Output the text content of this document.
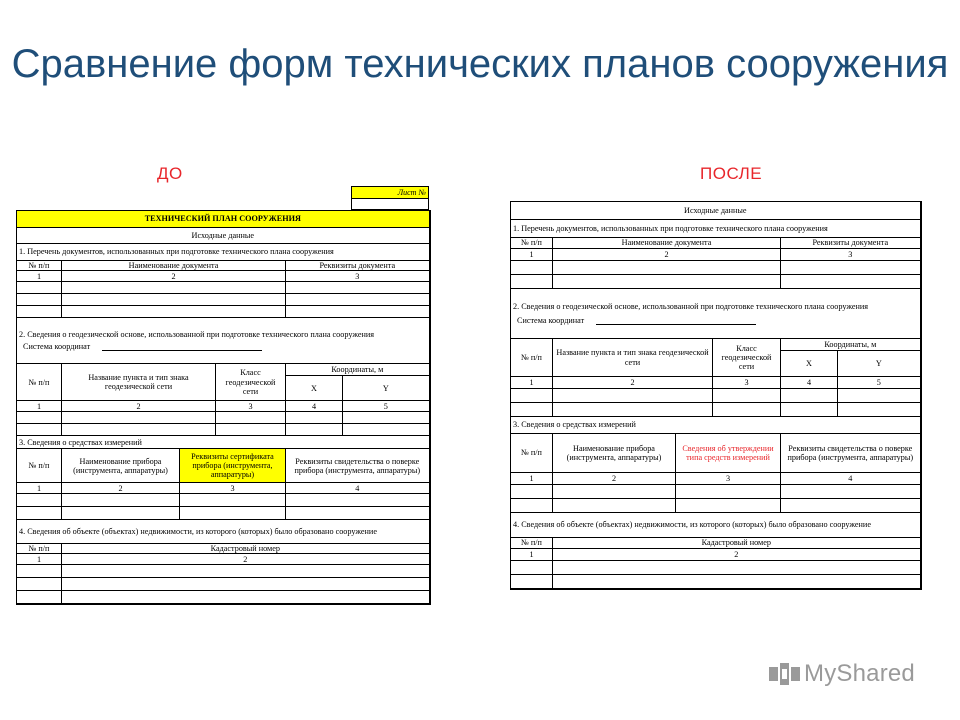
Сравнение форм технических планов сооружения
ДО	ПОСЛЕ
Лист №

ТЕХНИЧЕСКИЙ ПЛАН СООРУЖЕНИЯ					
Исходные данные					
1. Перечень документов, использованных при подготовке технического плана сооружения					
№ п/п	Наименование документа			Реквизиты документа	
1	2			3	

2. Сведения о геодезической основе, использованной при подготовке технического плана сооружения
Система координат					

№ п/п	Название пункта и тип знака геодезической сети		Класс геодезической сети	Координаты, м	
				X	Y
1	2		3	4	5

3. Сведения о средствах измерений					
№ п/п	Наименование прибора (инструмента, аппаратуры)	Реквизиты сертификата прибора (инструмента, аппаратуры)		Реквизиты свидетельства о поверке прибора (инструмента, аппаратуры)	
1	2	3		4	

4. Сведения об объекте (объектах) недвижимости, из которого (которых) было образовано сооружение					
№ п/п	Кадастровый номер				
1	2				

Исходные данные					
1. Перечень документов, использованных при подготовке технического плана сооружения					
№ п/п	Наименование документа			Реквизиты документа	
1	2			3	

2. Сведения о геодезической основе, использованной при подготовке технического плана сооружения
Система координат					

№ п/п	Название пункта и тип знака геодезической сети		Класс геодезической сети	Координаты, м	
				X	Y
1	2		3	4	5

3. Сведения о средствах измерений					
№ п/п	Наименование прибора (инструмента, аппаратуры)	Сведения об утверждении типа средств измерений		Реквизиты свидетельства о поверке прибора (инструмента, аппаратуры)	
1	2	3		4	

4. Сведения об объекте (объектах) недвижимости, из которого (которых) было образовано сооружение					
№ п/п	Кадастровый номер				
1	2				

MyShared
